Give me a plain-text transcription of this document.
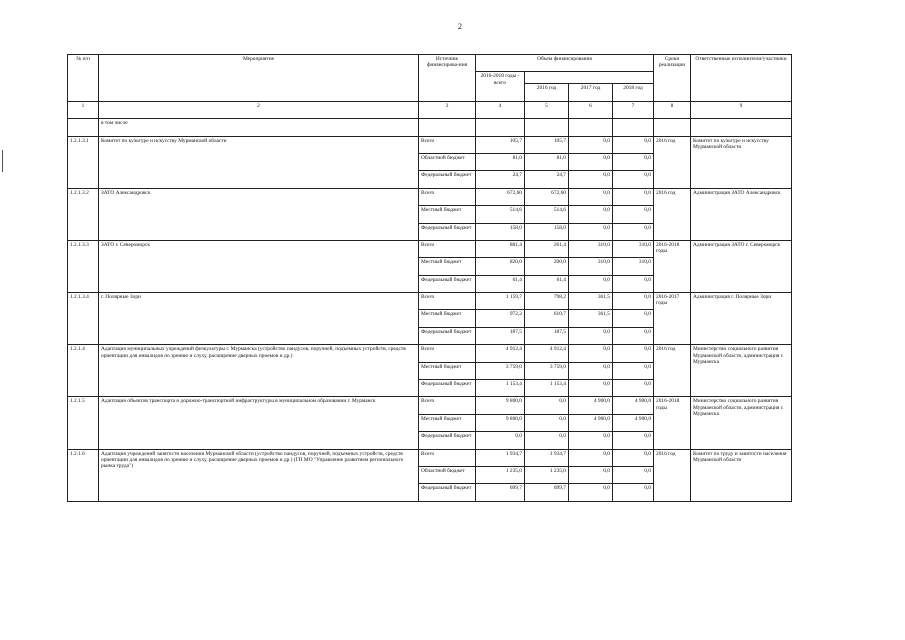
2
№ п/п	Мероприятие	Источник финансирова-ния	Объем финансирования				Сроки реализации	Ответственные исполнители/участники
			2016-2018 годы - всего					
				2016 год	2017 год	2018 год		
1	2	3	4	5	6	7	8	9
	в том числе							
1.2.1.3.1	Комитет по культуре и искусству Мурманской области	Всего	105,7	105,7	0,0	0,0	2016 год	Комитет по культуре и искусству Мурманской области
		Областной бюджет	81,0	81,0	0,0	0,0		
		Федеральный бюджет	24,7	24,7	0,0	0,0		
1.2.1.3.2	ЗАТО Александровск	Всего	672,60	672,60	0,0	0,0	2016 год	Администрация ЗАТО Александровск
		Местный бюджет	514,6	514,6	0,0	0,0		
		Федеральный бюджет	158,0	158,0	0,0	0,0		
1.2.1.3.3	ЗАТО г. Североморск	Всего	881,4	261,4	310,0	310,0	2016-2018 годы	Администрация ЗАТО г. Североморск
		Местный бюджет	820,0	200,0	310,0	310,0		
		Федеральный бюджет	61,4	61,4	0,0	0,0		
1.2.1.3.4	г. Полярные Зори	Всего	1 159,7	798,2	361,5	0,0	2016-2017 годы	Администрация г. Полярные Зори
		Местный бюджет	972,2	610,7	361,5	0,0		
		Федеральный бюджет	187,5	187,5	0,0	0,0		
1.2.1.4	Адаптация муниципальных учреждений физкультуры г. Мурманска (устройство пандусов, поручней, подъемных устройств, средств ориентации для инвалидов по зрению и слуху, расширение дверных проемов и др.)	Всего	4 912,4	4 912,4	0,0	0,0	2016 год	Министерство социального развития Мурманской области, администрация г. Мурманска
		Местный бюджет	3 759,0	3 759,0	0,0	0,0		
		Федеральный бюджет	1 153,4	1 153,4	0,0	0,0		
1.2.1.5	Адаптация объектов транспорта и дорожно-транспортной инфраструктуры в муниципальном образовании г. Мурманск	Всего	9 800,0	0,0	4 900,0	4 900,0	2016-2018 годы	Министерство социального развития Мурманской области, администрация г. Мурманска
		Местный бюджет	9 800,0	0,0	4 900,0	4 900,0		
		Федеральный бюджет	0,0	0,0	0,0	0,0		
1.2.1.6	Адаптация учреждений занятости населения Мурманской области (устройство пандусов, поручней, подъемных устройств, средств ориентации для инвалидов по зрению и слуху, расширение дверных проемов и др.) (ГП МО "Управление развитием регионального рынка труда")	Всего	1 934,7	1 934,7	0,0	0,0	2016 год	Комитет по труду и занятости населения Мурманской области
		Областной бюджет	1 235,0	1 235,0	0,0	0,0		
		Федеральный бюджет	699,7	699,7	0,0	0,0		
